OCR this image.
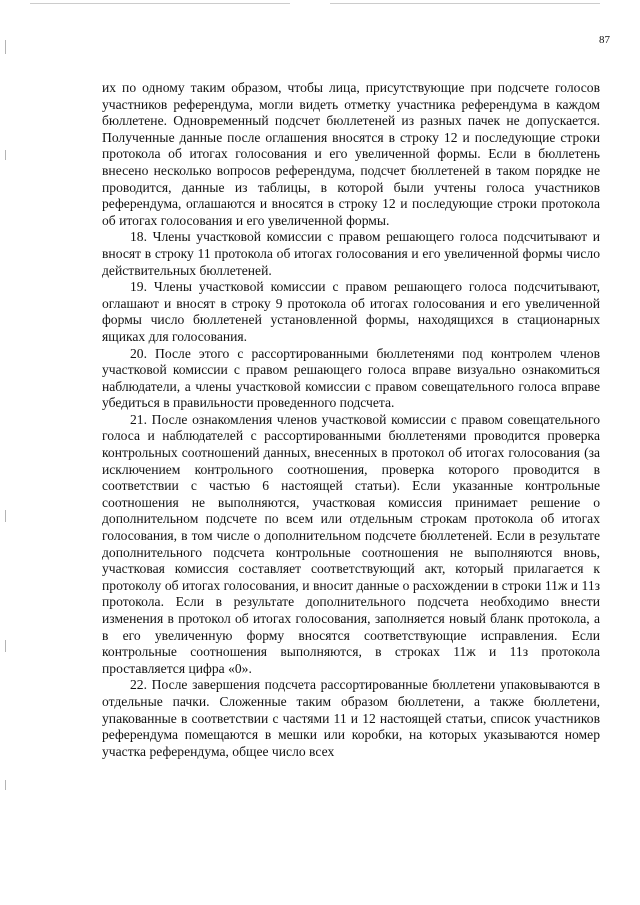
87

их по одному таким образом, чтобы лица, присутствующие при подсчете голосов участников референдума, могли видеть отметку участника референдума в каждом бюллетене. Одновременный подсчет бюллетеней из разных пачек не допускается. Полученные данные после оглашения вносятся в строку 12 и последующие строки протокола об итогах голосования и его увеличенной формы. Если в бюллетень внесено несколько вопросов референдума, подсчет бюллетеней в таком порядке не проводится, данные из таблицы, в которой были учтены голоса участников референдума, оглашаются и вносятся в строку 12 и последующие строки протокола об итогах голосования и его увеличенной формы.

18. Члены участковой комиссии с правом решающего голоса подсчитывают и вносят в строку 11 протокола об итогах голосования и его увеличенной формы число действительных бюллетеней.

19. Члены участковой комиссии с правом решающего голоса подсчитывают, оглашают и вносят в строку 9 протокола об итогах голосования и его увеличенной формы число бюллетеней установленной формы, находящихся в стационарных ящиках для голосования.

20. После этого с рассортированными бюллетенями под контролем членов участковой комиссии с правом решающего голоса вправе визуально ознакомиться наблюдатели, а члены участковой комиссии с правом совещательного голоса вправе убедиться в правильности проведенного подсчета.

21. После ознакомления членов участковой комиссии с правом совещательного голоса и наблюдателей с рассортированными бюллетенями проводится проверка контрольных соотношений данных, внесенных в протокол об итогах голосования (за исключением контрольного соотношения, проверка которого проводится в соответствии с частью 6 настоящей статьи). Если указанные контрольные соотношения не выполняются, участковая комиссия принимает решение о дополнительном подсчете по всем или отдельным строкам протокола об итогах голосования, в том числе о дополнительном подсчете бюллетеней. Если в результате дополнительного подсчета контрольные соотношения не выполняются вновь, участковая комиссия составляет соответствующий акт, который прилагается к протоколу об итогах голосования, и вносит данные о расхождении в строки 11ж и 11з протокола. Если в результате дополнительного подсчета необходимо внести изменения в протокол об итогах голосования, заполняется новый бланк протокола, а в его увеличенную форму вносятся соответствующие исправления. Если контрольные соотношения выполняются, в строках 11ж и 11з протокола проставляется цифра «0».

22. После завершения подсчета рассортированные бюллетени упаковываются в отдельные пачки. Сложенные таким образом бюллетени, а также бюллетени, упакованные в соответствии с частями 11 и 12 настоящей статьи, список участников референдума помещаются в мешки или коробки, на которых указываются номер участка референдума, общее число всех
